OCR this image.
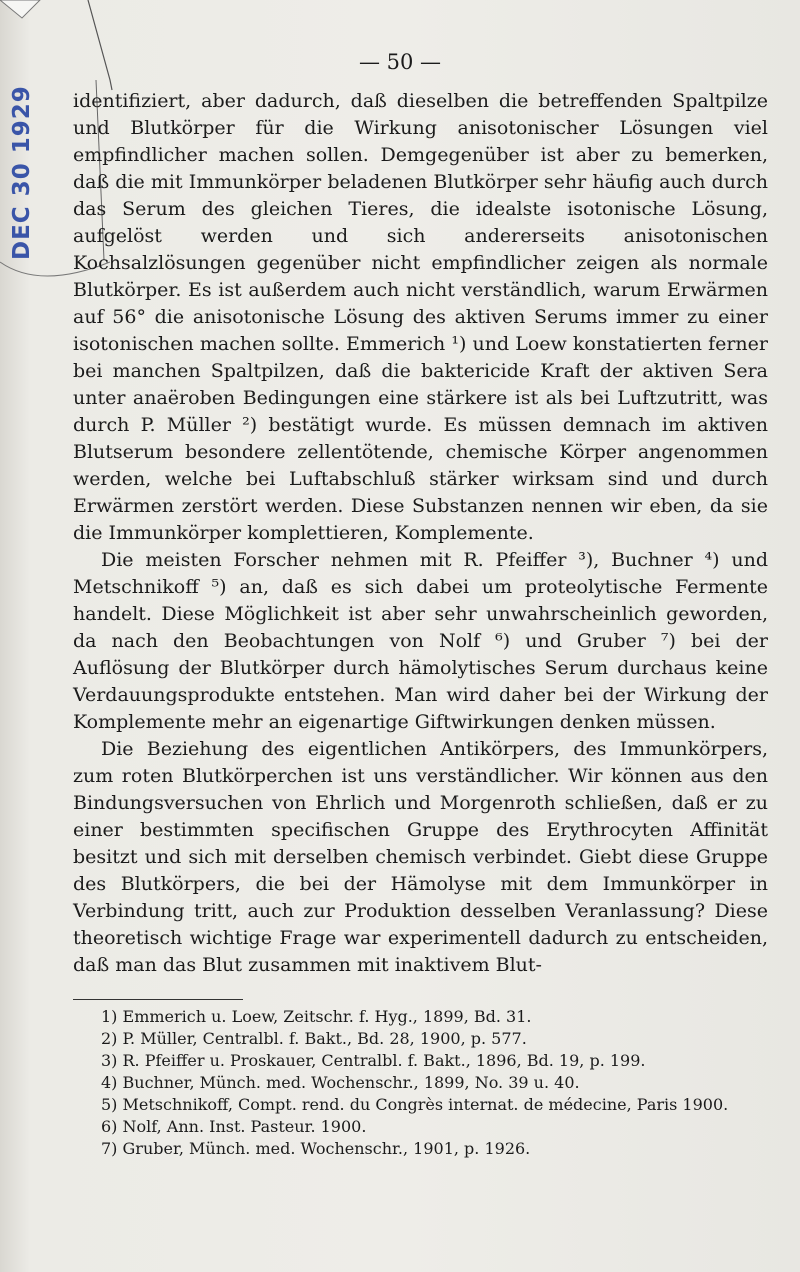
DEC 30 1929
— 50 —

identifiziert, aber dadurch, daß dieselben die betreffenden Spaltpilze und Blutkörper für die Wirkung anisotonischer Lösungen viel empfindlicher machen sollen. Demgegenüber ist aber zu bemerken, daß die mit Immunkörper beladenen Blutkörper sehr häufig auch durch das Serum des gleichen Tieres, die idealste isotonische Lösung, aufgelöst werden und sich andererseits anisotonischen Kochsalzlösungen gegenüber nicht empfindlicher zeigen als normale Blutkörper. Es ist außerdem auch nicht verständlich, warum Erwärmen auf 56° die anisotonische Lösung des aktiven Serums immer zu einer isotonischen machen sollte. Emmerich ¹) und Loew konstatierten ferner bei manchen Spaltpilzen, daß die baktericide Kraft der aktiven Sera unter anaëroben Bedingungen eine stärkere ist als bei Luftzutritt, was durch P. Müller ²) bestätigt wurde. Es müssen demnach im aktiven Blutserum besondere zellentötende, chemische Körper angenommen werden, welche bei Luftabschluß stärker wirksam sind und durch Erwärmen zerstört werden. Diese Substanzen nennen wir eben, da sie die Immunkörper komplettieren, Komplemente.

Die meisten Forscher nehmen mit R. Pfeiffer ³), Buchner ⁴) und Metschnikoff ⁵) an, daß es sich dabei um proteolytische Fermente handelt. Diese Möglichkeit ist aber sehr unwahrscheinlich geworden, da nach den Beobachtungen von Nolf ⁶) und Gruber ⁷) bei der Auflösung der Blutkörper durch hämolytisches Serum durchaus keine Verdauungsprodukte entstehen. Man wird daher bei der Wirkung der Komplemente mehr an eigenartige Giftwirkungen denken müssen.

Die Beziehung des eigentlichen Antikörpers, des Immunkörpers, zum roten Blutkörperchen ist uns verständlicher. Wir können aus den Bindungsversuchen von Ehrlich und Morgenroth schließen, daß er zu einer bestimmten specifischen Gruppe des Erythrocyten Affinität besitzt und sich mit derselben chemisch verbindet. Giebt diese Gruppe des Blutkörpers, die bei der Hämolyse mit dem Immunkörper in Verbindung tritt, auch zur Produktion desselben Veranlassung? Diese theoretisch wichtige Frage war experimentell dadurch zu entscheiden, daß man das Blut zusammen mit inaktivem Blut-

1) Emmerich u. Loew, Zeitschr. f. Hyg., 1899, Bd. 31.

2) P. Müller, Centralbl. f. Bakt., Bd. 28, 1900, p. 577.

3) R. Pfeiffer u. Proskauer, Centralbl. f. Bakt., 1896, Bd. 19, p. 199.

4) Buchner, Münch. med. Wochenschr., 1899, No. 39 u. 40.

5) Metschnikoff, Compt. rend. du Congrès internat. de médecine, Paris 1900.

6) Nolf, Ann. Inst. Pasteur. 1900.

7) Gruber, Münch. med. Wochenschr., 1901, p. 1926.
